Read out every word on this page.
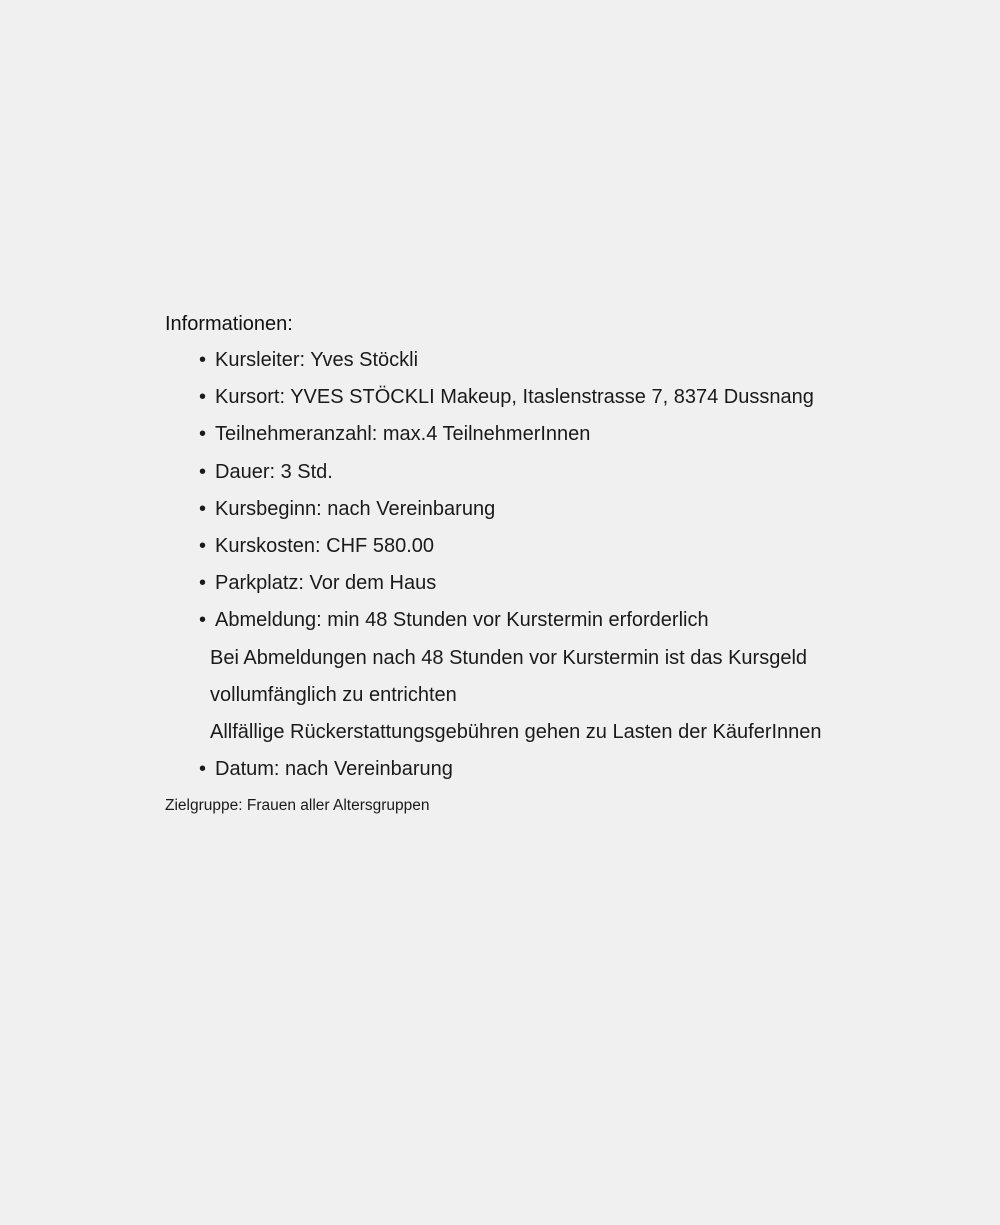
Informationen:
• Kursleiter: Yves Stöckli
• Kursort: YVES STÖCKLI Makeup, Itaslenstrasse 7, 8374 Dussnang
• Teilnehmeranzahl: max.4 TeilnehmerInnen
• Dauer: 3 Std.
• Kursbeginn: nach Vereinbarung
• Kurskosten: CHF 580.00
• Parkplatz: Vor dem Haus
• Abmeldung: min 48 Stunden vor Kurstermin erforderlich
Bei Abmeldungen nach 48 Stunden vor Kurstermin ist das Kursgeld
vollumfänglich zu entrichten
Allfällige Rückerstattungsgebühren gehen zu Lasten der KäuferInnen
• Datum: nach Vereinbarung
Zielgruppe: Frauen aller Altersgruppen
